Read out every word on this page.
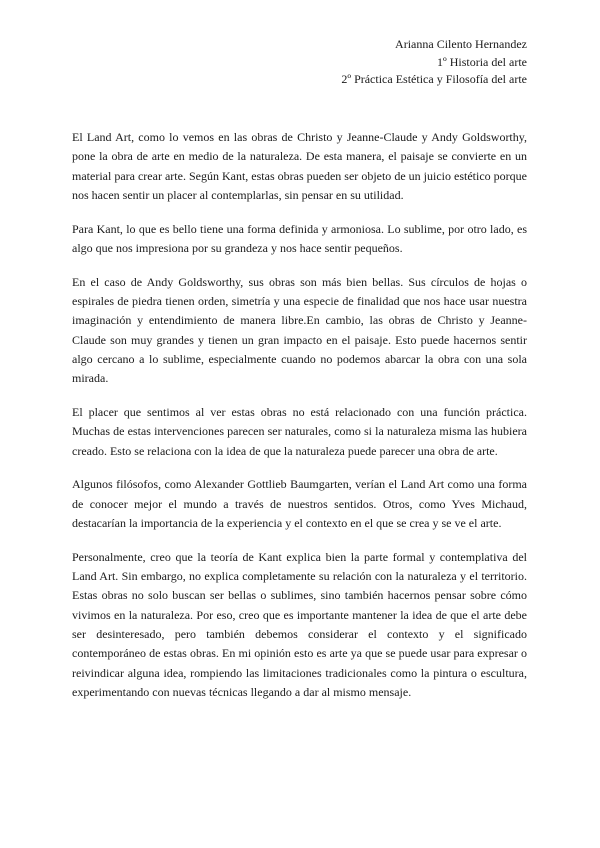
Arianna Cilento Hernandez
1º Historia del arte
2º Práctica Estética y Filosofía del arte

El Land Art, como lo vemos en las obras de Christo y Jeanne-Claude y Andy Goldsworthy, pone la obra de arte en medio de la naturaleza. De esta manera, el paisaje se convierte en un material para crear arte. Según Kant, estas obras pueden ser objeto de un juicio estético porque nos hacen sentir un placer al contemplarlas, sin pensar en su utilidad.

Para Kant, lo que es bello tiene una forma definida y armoniosa. Lo sublime, por otro lado, es algo que nos impresiona por su grandeza y nos hace sentir pequeños.

En el caso de Andy Goldsworthy, sus obras son más bien bellas. Sus círculos de hojas o espirales de piedra tienen orden, simetría y una especie de finalidad que nos hace usar nuestra imaginación y entendimiento de manera libre.En cambio, las obras de Christo y Jeanne-Claude son muy grandes y tienen un gran impacto en el paisaje. Esto puede hacernos sentir algo cercano a lo sublime, especialmente cuando no podemos abarcar la obra con una sola mirada.

El placer que sentimos al ver estas obras no está relacionado con una función práctica. Muchas de estas intervenciones parecen ser naturales, como si la naturaleza misma las hubiera creado. Esto se relaciona con la idea de que la naturaleza puede parecer una obra de arte.

Algunos filósofos, como Alexander Gottlieb Baumgarten, verían el Land Art como una forma de conocer mejor el mundo a través de nuestros sentidos. Otros, como Yves Michaud, destacarían la importancia de la experiencia y el contexto en el que se crea y se ve el arte.

Personalmente, creo que la teoría de Kant explica bien la parte formal y contemplativa del Land Art. Sin embargo, no explica completamente su relación con la naturaleza y el territorio. Estas obras no solo buscan ser bellas o sublimes, sino también hacernos pensar sobre cómo vivimos en la naturaleza. Por eso, creo que es importante mantener la idea de que el arte debe ser desinteresado, pero también debemos considerar el contexto y el significado contemporáneo de estas obras. En mi opinión esto es arte ya que se puede usar para expresar o reivindicar alguna idea, rompiendo las limitaciones tradicionales como la pintura o escultura, experimentando con nuevas técnicas llegando a dar al mismo mensaje.
